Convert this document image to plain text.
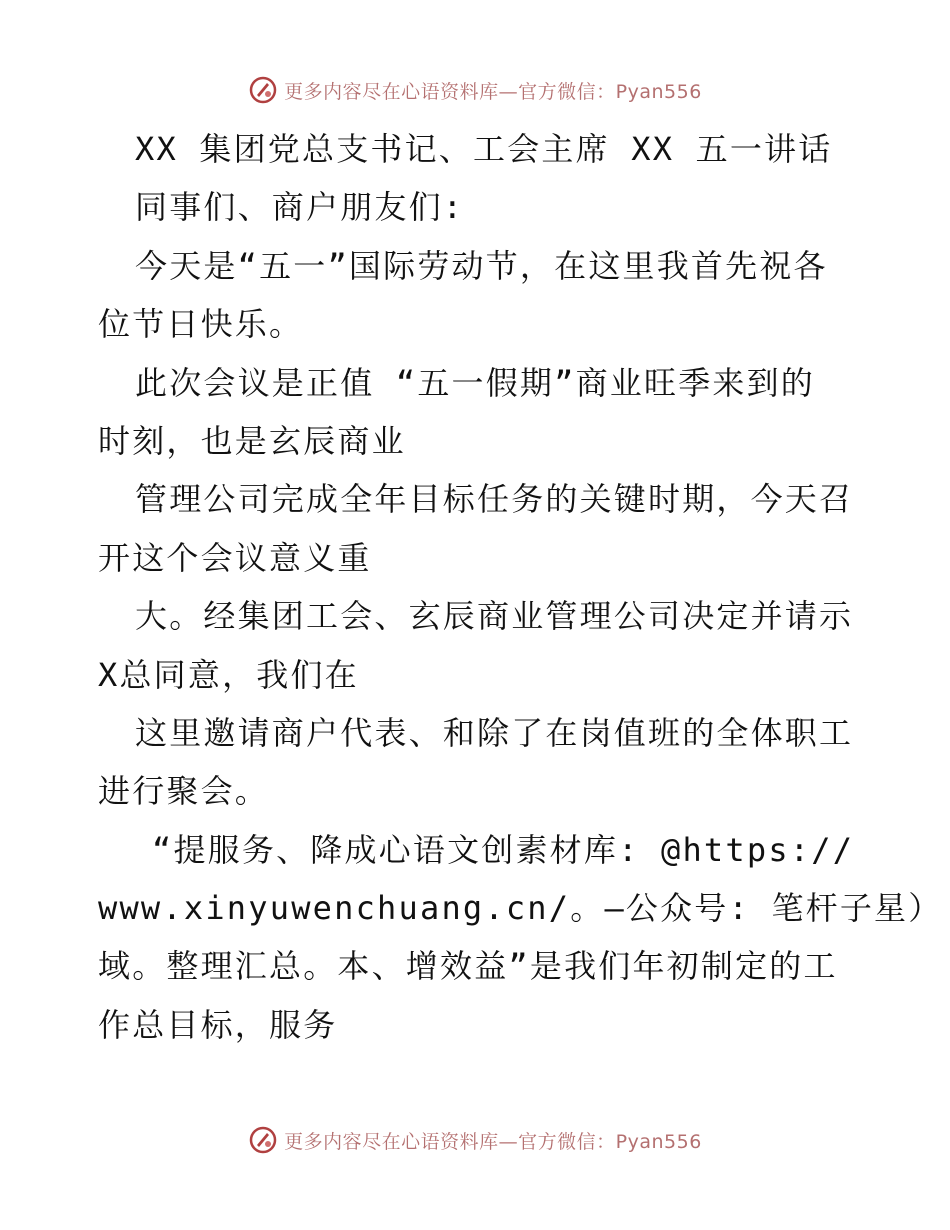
更多内容尽在心语资料库—官方微信：Pyan556
XX 集团党总支书记、工会主席 XX 五一讲话
同事们、商户朋友们:
今天是“五一”国际劳动节，在这里我首先祝各
位节日快乐。
此次会议是正值 “五一假期”商业旺季来到的
时刻，也是玄辰商业
管理公司完成全年目标任务的关键时期，今天召
开这个会议意义重
大。经集团工会、玄辰商业管理公司决定并请示
X总同意，我们在
这里邀请商户代表、和除了在岗值班的全体职工
进行聚会。
“提服务、降成心语文创素材库: @https://
www.xinyuwenchuang.cn/。—公众号: 笔杆子星）
域。整理汇总。本、增效益”是我们年初制定的工
作总目标，服务
更多内容尽在心语资料库—官方微信：Pyan556
